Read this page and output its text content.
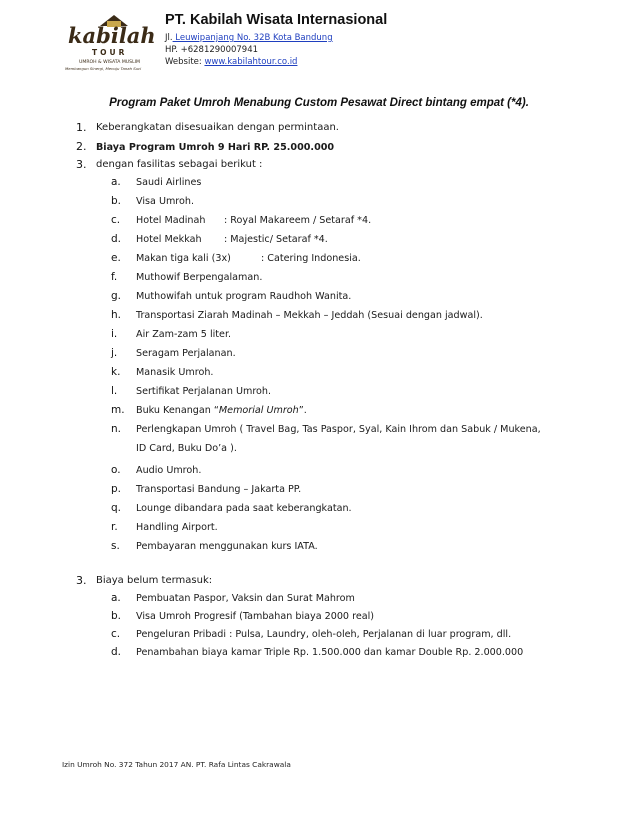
kabilah
TOUR
UMROH & WISATA MUSLIM
Membangun Sinergi, Menuju Tanah Suci
PT. Kabilah Wisata Internasional
Jl. Leuwipanjang No. 32B Kota Bandung
HP. +6281290007941
Website: www.kabilahtour.co.id
Program Paket Umroh Menabung Custom Pesawat Direct bintang empat (*4).
1. Keberangkatan disesuaikan dengan permintaan.
2. Biaya Program Umroh 9 Hari RP. 25.000.000
3. dengan fasilitas sebagai berikut :
a. Saudi Airlines
b. Visa Umroh.
c. Hotel Madinah : Royal Makareem / Setaraf *4.
d. Hotel Mekkah : Majestic/ Setaraf *4.
e. Makan tiga kali (3x)	: Catering Indonesia.
f. Muthowif Berpengalaman.
g. Muthowifah untuk program Raudhoh Wanita.
h. Transportasi Ziarah Madinah – Mekkah – Jeddah (Sesuai dengan jadwal).
i. Air Zam-zam 5 liter.
j. Seragam Perjalanan.
k. Manasik Umroh.
l. Sertifikat Perjalanan Umroh.
m. Buku Kenangan “Memorial Umroh”.
n. Perlengkapan Umroh ( Travel Bag, Tas Paspor, Syal, Kain Ihrom dan Sabuk / Mukena,
ID Card, Buku Do’a ).
o. Audio Umroh.
p. Transportasi Bandung – Jakarta PP.
q. Lounge dibandara pada saat keberangkatan.
r. Handling Airport.
s. Pembayaran menggunakan kurs IATA.
3. Biaya belum termasuk:
a. Pembuatan Paspor, Vaksin dan Surat Mahrom
b. Visa Umroh Progresif (Tambahan biaya 2000 real)
c. Pengeluran Pribadi : Pulsa, Laundry, oleh-oleh, Perjalanan di luar program, dll.
d. Penambahan biaya kamar Triple Rp. 1.500.000 dan kamar Double Rp. 2.000.000
Izin Umroh No. 372 Tahun 2017 AN. PT. Rafa Lintas Cakrawala
